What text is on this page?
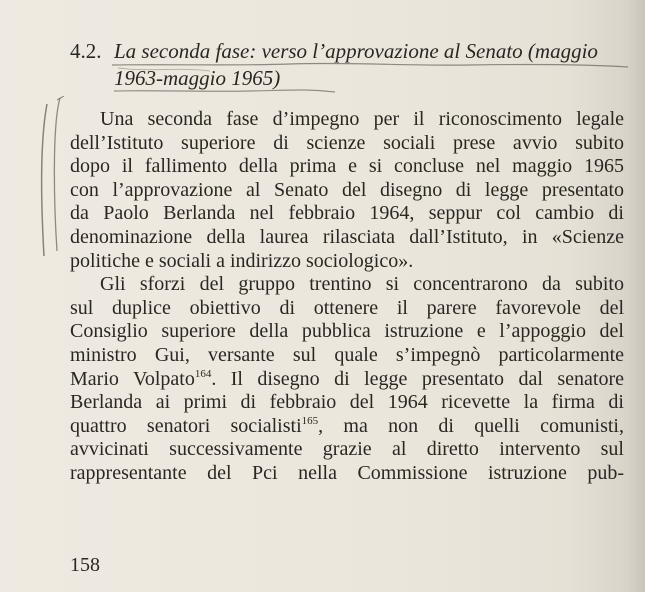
4.2. La seconda fase: verso l’approvazione al Senato (maggio
1963-maggio 1965)
Una seconda fase d’impegno per il riconoscimento legale
dell’Istituto superiore di scienze sociali prese avvio subito
dopo il fallimento della prima e si concluse nel maggio 1965
con l’approvazione al Senato del disegno di legge presentato
da Paolo Berlanda nel febbraio 1964, seppur col cambio di
denominazione della laurea rilasciata dall’Istituto, in «Scienze
politiche e sociali a indirizzo sociologico».
Gli sforzi del gruppo trentino si concentrarono da subito
sul duplice obiettivo di ottenere il parere favorevole del
Consiglio superiore della pubblica istruzione e l’appoggio del
ministro Gui, versante sul quale s’impegnò particolarmente
Mario Volpato$^{164}$. Il disegno di legge presentato dal senatore
Berlanda ai primi di febbraio del 1964 ricevette la firma di
quattro senatori socialisti$^{165}$, ma non di quelli comunisti,
avvicinati successivamente grazie al diretto intervento sul
rappresentante del Pci nella Commissione istruzione pub-
158
